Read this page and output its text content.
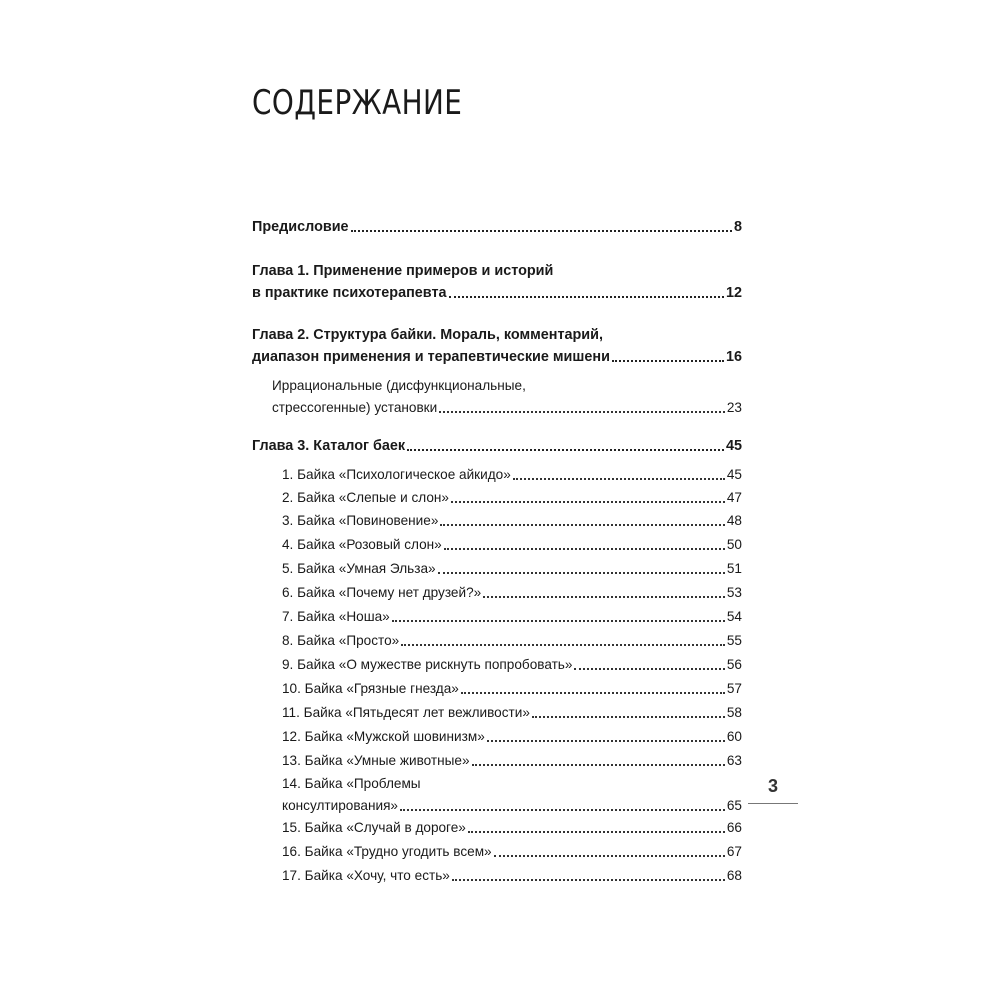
СОДЕРЖАНИЕ
Предисловие	8
Глава 1. Применение примеров и историй
в практике психотерапевта	12
Глава 2. Структура байки. Мораль, комментарий,
диапазон применения и терапевтические мишени	16
Иррациональные (дисфункциональные,
стрессогенные) установки	23
Глава 3. Каталог баек	45
1. Байка «Психологическое айкидо»	45
2. Байка «Слепые и слон»	47
3. Байка «Повиновение»	48
4. Байка «Розовый слон»	50
5. Байка «Умная Эльза»	51
6. Байка «Почему нет друзей?»	53
7. Байка «Ноша»	54
8. Байка «Просто»	55
9. Байка «О мужестве рискнуть попробовать»	56
10. Байка «Грязные гнезда»	57
11. Байка «Пятьдесят лет вежливости»	58
12. Байка «Мужской шовинизм»	60
13. Байка «Умные животные»	63
14. Байка «Проблемы
консултирования»	65
15. Байка «Случай в дороге»	66
16. Байка «Трудно угодить всем»	67
17. Байка «Хочу, что есть»	68
3
